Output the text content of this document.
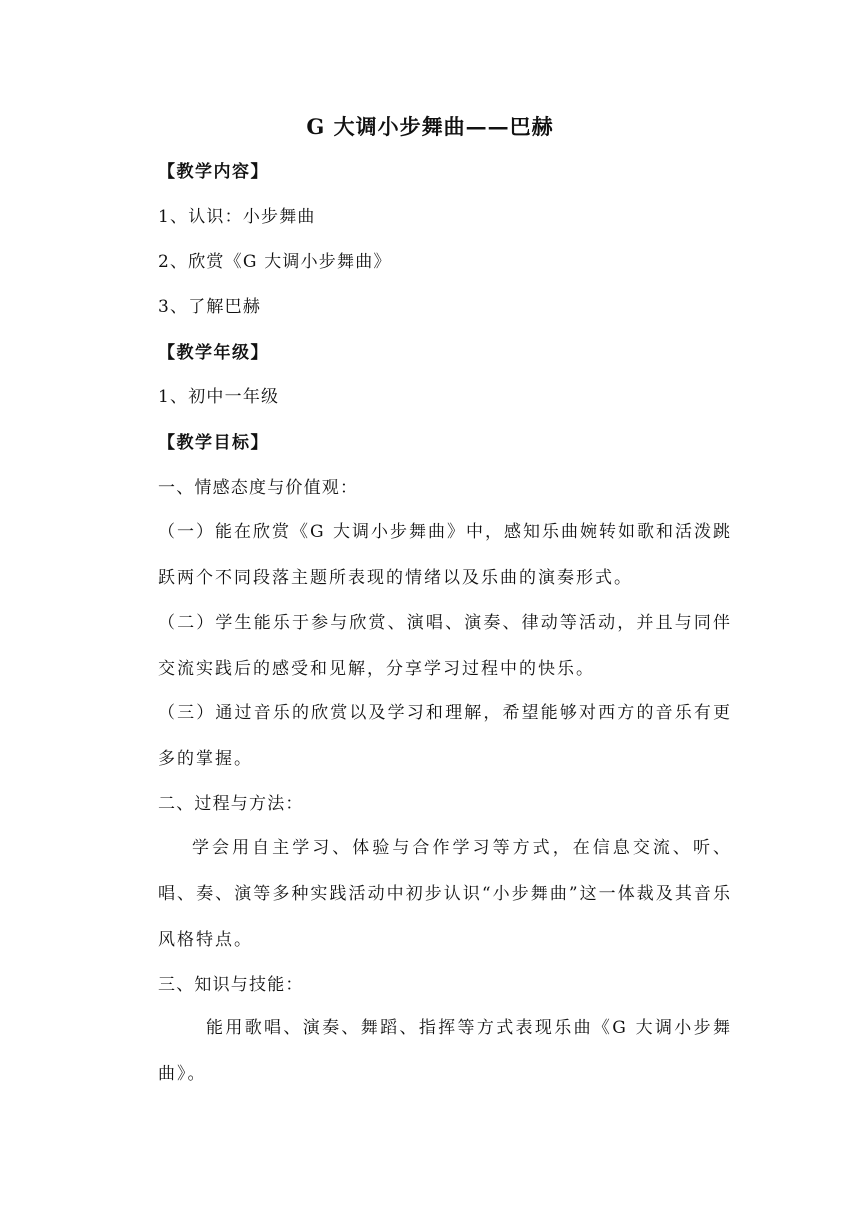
G 大调小步舞曲——巴赫
【教学内容】
1、认识：小步舞曲
2、欣赏《G 大调小步舞曲》
3、了解巴赫
【教学年级】
1、初中一年级
【教学目标】
一、情感态度与价值观：
（一）能在欣赏《G 大调小步舞曲》中，感知乐曲婉转如歌和活泼跳跃两个不同段落主题所表现的情绪以及乐曲的演奏形式。
（二）学生能乐于参与欣赏、演唱、演奏、律动等活动，并且与同伴交流实践后的感受和见解，分享学习过程中的快乐。
（三）通过音乐的欣赏以及学习和理解，希望能够对西方的音乐有更多的掌握。
二、过程与方法：
学会用自主学习、体验与合作学习等方式，在信息交流、听、唱、奏、演等多种实践活动中初步认识“小步舞曲”这一体裁及其音乐风格特点。
三、知识与技能：
能用歌唱、演奏、舞蹈、指挥等方式表现乐曲《G 大调小步舞曲》。
